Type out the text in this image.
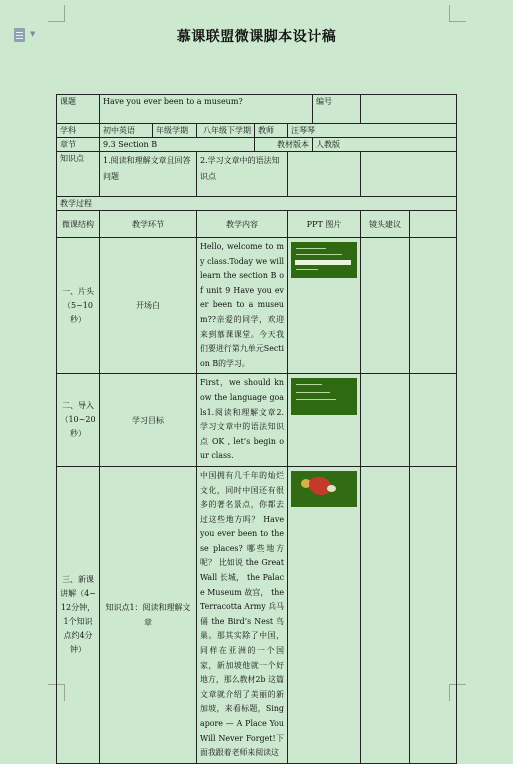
▼	慕课联盟微课脚本设计稿
课题	Have you ever been to a museum?					编号		
学科	初中英语	年级学期	八年级下学期	教师	汪琴琴			
章节	9.3 Section B			教材版本		人教版		
知识点	1.阅读和理解文章且回答问题		2.学习文章中的语法知识点					
教学过程								
微课结构	教学环节		教学内容		PPT 图片		镜头建议	
一、片头（5~10秒）	开场白		Hello, welcome to my class.Today we will learn the section B of unit 9 Have you ever been to a museum??亲爱的同学，欢迎来到慕课课堂。今天我们要进行第九单元Section B的学习。			

二、导入（10~20 秒）	学习目标		First，we should know the language goals1.阅读和理解文章2.学习文章中的语法知识点 OK , let’s begin our class.			

三、新课讲解（4~12分钟，1个知识点约4分钟）	知识点1：阅读和理解文章		中国拥有几千年的灿烂文化，同时中国还有很多的著名景点，你都去过这些地方吗？ Have you ever been to these places? 哪些地方呢？ 比如说 the Great Wall 长城， the Palace Museum 故宫， the Terracotta Army 兵马俑 the Bird’s Nest 鸟巢。那其实除了中国，同样在亚洲的一个国家，新加坡他就一个好地方，那么教材2b 这篇文章就介绍了美丽的新加坡，来看标题，Singapore — A Place You Will Never Forget!下面我跟着老师来阅读这			
